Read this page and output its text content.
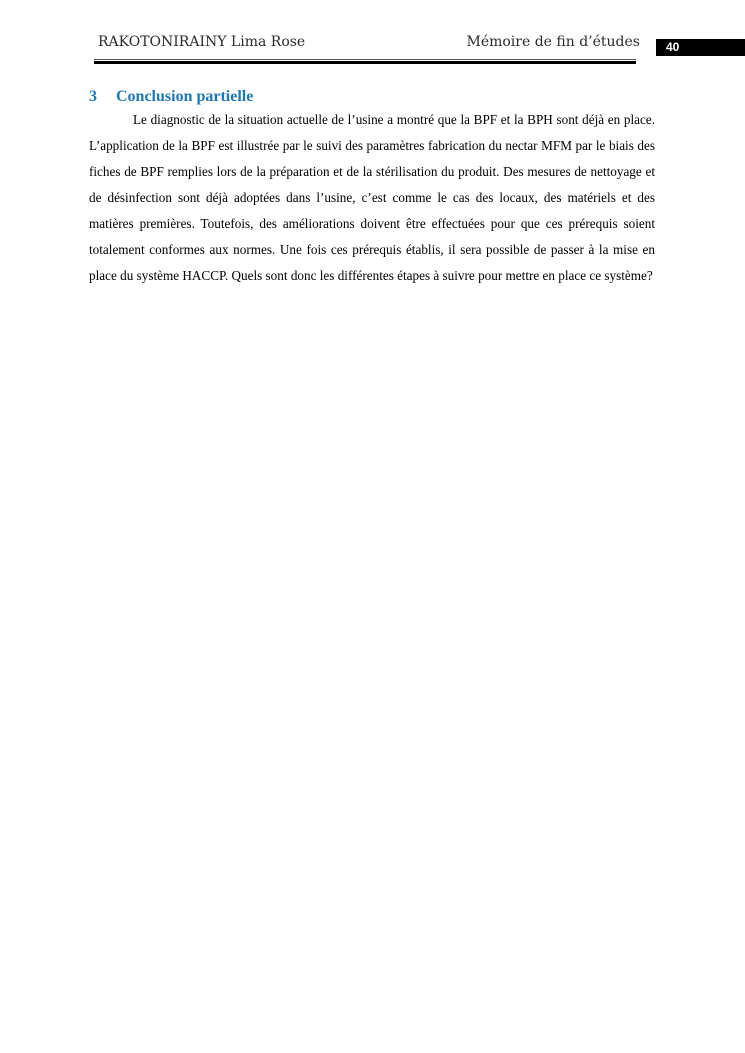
RAKOTONIRAINY Lima Rose	Mémoire de fin d’études 40
3 Conclusion partielle

Le diagnostic de la situation actuelle de l’usine a montré que la BPF et la BPH sont déjà en place. L’application de la BPF est illustrée par le suivi des paramètres fabrication du nectar MFM par le biais des fiches de BPF remplies lors de la préparation et de la stérilisation du produit. Des mesures de nettoyage et de désinfection sont déjà adoptées dans l’usine, c’est comme le cas des locaux, des matériels et des matières premières. Toutefois, des améliorations doivent être effectuées pour que ces prérequis soient totalement conformes aux normes. Une fois ces prérequis établis, il sera possible de passer à la mise en place du système HACCP. Quels sont donc les différentes étapes à suivre pour mettre en place ce système?
